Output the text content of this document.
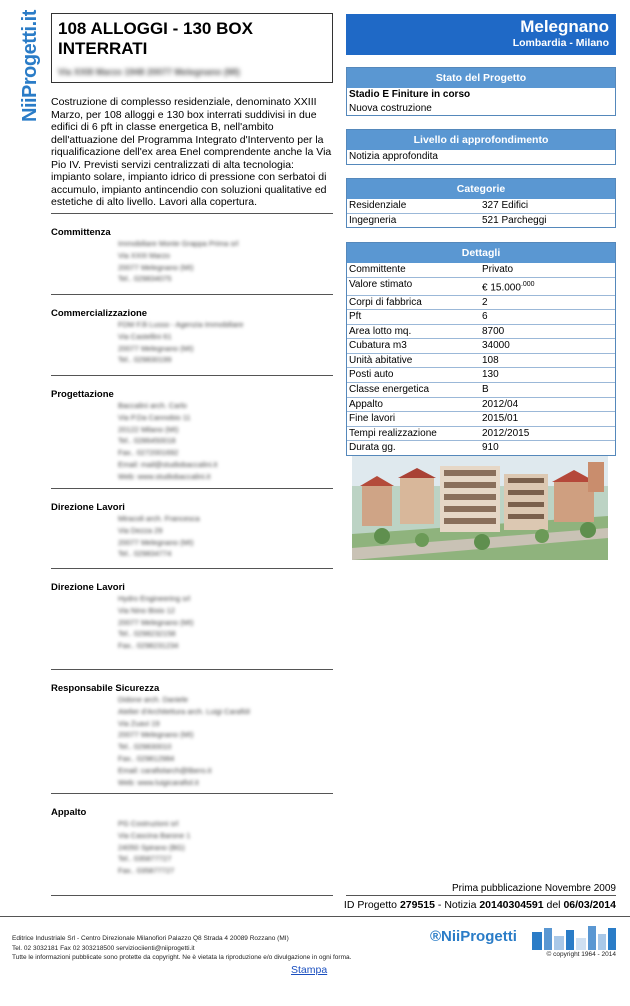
NiiProgetti.it 108 ALLOGGI - 130 BOX INTERRATI
Via XXIII Marzo 1948 20077 Melegnano (MI)
Costruzione di complesso residenziale, denominato XXIII Marzo, per 108 alloggi e 130 box interrati suddivisi in due edifici di 6 pft in classe energetica B, nell'ambito dell'attuazione del Programma Integrato d'Intervento per la riqualificazione dell'ex area Enel comprendente anche la Via Pio IV. Previsti servizi centralizzati di alta tecnologia: impianto solare, impianto idrico di pressione con serbatoi di accumulo, impianto antincendio con soluzioni qualitative ed estetiche di alto livello. Lavori alla copertura.
Committenza
Immobiliare Monte Grappa Prima srl
Via XXIII Marzo
20077 Melegnano (MI)
Tel.. 029834075
Commercializzazione
FDM F.lli Lusso - Agenzia Immobiliare
Via Castellini 61
20077 Melegnano (MI)
Tel.. 029830199
Progettazione
Baccalini arch. Carlo
Via P.Da Cannobio 11
20122 Milano (MI)
Tel.. 0286450018
Fax.. 0272001692
Email: mail@studiobaccalini.it
Web: www.studiobaccalini.it
Direzione Lavori
Miracoli arch. Francesca
Via Dezza 29
20077 Melegnano (MI)
Tel.. 029834774
Direzione Lavori
Hydro Engineering srl
Via Nino Bixio 12
20077 Melegnano (MI)
Tel.. 0298232158
Fax.. 0298231234
Responsabile Sicurezza
Didone arch. Daniele
Atelier d'Architettura arch. Luigi Carafiòl
Via Zuavi 19
20077 Melegnano (MI)
Tel.. 029830010
Fax.. 029812984
Email: carafiolarch@libero.it
Web: www.luigicarafiol.it
Appalto
PG Costruzioni srl
Via Cascina Barone 1
24050 Spirano (BG)
Tel.. 035877727
Fax.. 035877727
Melegnano
Lombardia - Milano
Stato del Progetto
Stadio E Finiture in corso
Nuova costruzione
Livello di approfondimento
Notizia approfondita
Categorie
Residenziale	327 Edifici
Ingegneria	521 Parcheggi
Dettagli
Committente	Privato
Valore stimato	€ $15.000^{.000}$
Corpi di fabbrica	2
Pft	6
Area lotto mq.	8700
Cubatura m3	34000
Unità abitative	108
Posti auto	130
Classe energetica	B
Appalto	2012/04
Fine lavori	2015/01
Tempi realizzazione	2012/2015
Durata gg.	910
Prima pubblicazione Novembre 2009
ID Progetto 279515 - Notizia 20140304591 del 06/03/2014
Editrice Industriale Srl - Centro Direzionale Milanofiori Palazzo Q8 Strada 4 20089 Rozzano (MI)
Tel. 02 3032181 Fax 02 303218500 serviziociienti@niiprogetti.it
Tutte le informazioni pubblicate sono protette da copyright. Ne è vietata la riproduzione e/o divulgazione in ogni forma.
®NiiProgetti
© copyright 1964 - 2014
Stampa
